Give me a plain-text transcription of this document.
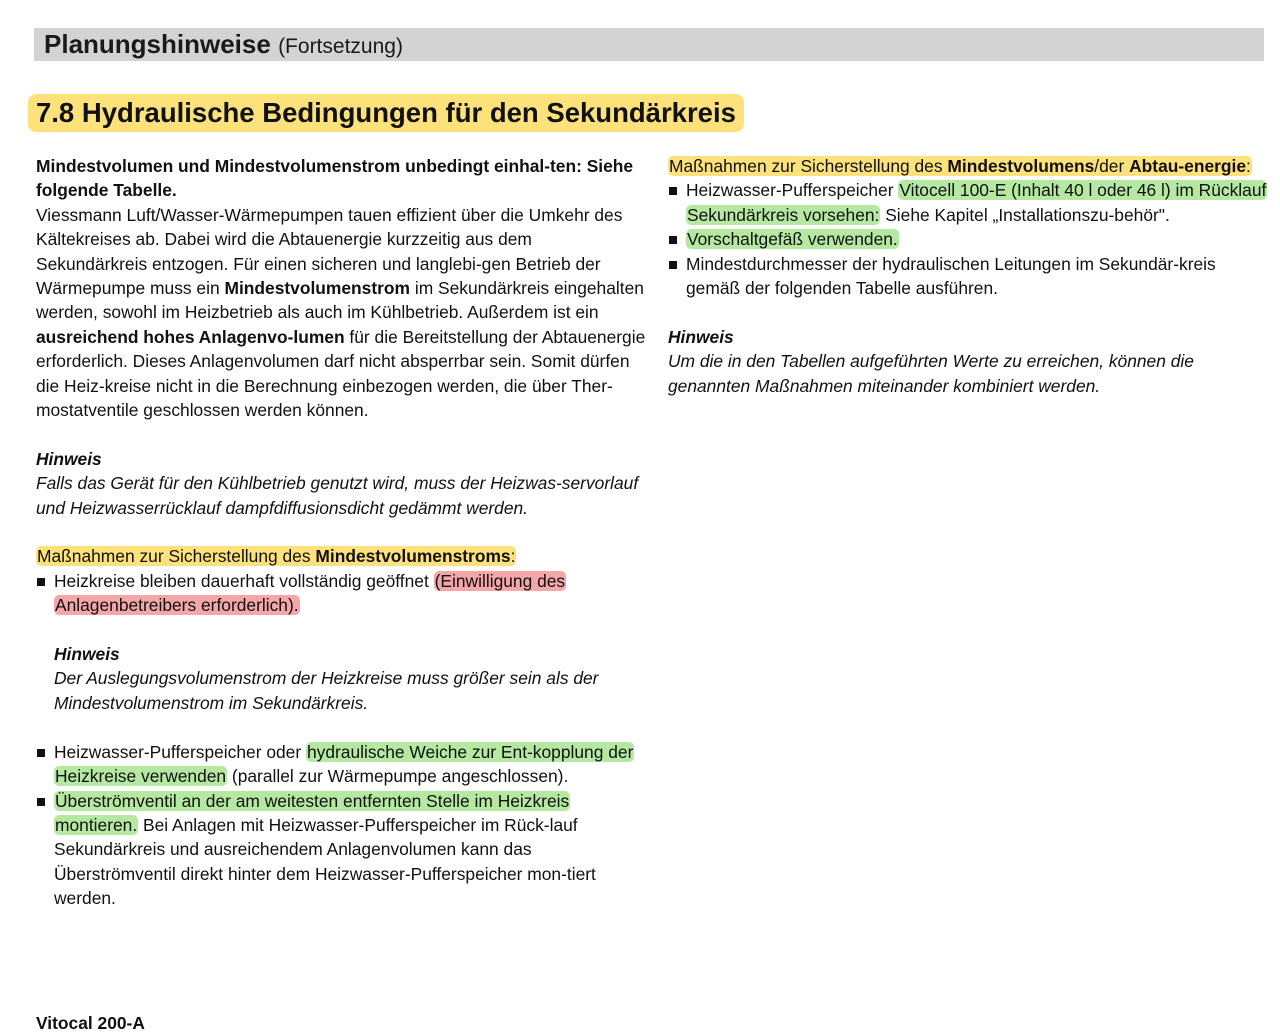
Planungshinweise (Fortsetzung)
7.8 Hydraulische Bedingungen für den Sekundärkreis

Mindestvolumen und Mindestvolumenstrom unbedingt einhal-ten: Siehe folgende Tabelle.

Viessmann Luft/Wasser-Wärmepumpen tauen effizient über die Umkehr des Kältekreises ab. Dabei wird die Abtauenergie kurzzeitig aus dem Sekundärkreis entzogen. Für einen sicheren und langlebi-gen Betrieb der Wärmepumpe muss ein Mindestvolumenstrom im Sekundärkreis eingehalten werden, sowohl im Heizbetrieb als auch im Kühlbetrieb. Außerdem ist ein ausreichend hohes Anlagenvo-lumen für die Bereitstellung der Abtauenergie erforderlich. Dieses Anlagenvolumen darf nicht absperrbar sein. Somit dürfen die Heiz-kreise nicht in die Berechnung einbezogen werden, die über Ther-mostatventile geschlossen werden können.

Hinweis

Falls das Gerät für den Kühlbetrieb genutzt wird, muss der Heizwas-servorlauf und Heizwasserrücklauf dampfdiffusionsdicht gedämmt werden.

Maßnahmen zur Sicherstellung des Mindestvolumenstroms:

Heizkreise bleiben dauerhaft vollständig geöffnet (Einwilligung des Anlagenbetreibers erforderlich).

Hinweis

Der Auslegungsvolumenstrom der Heizkreise muss größer sein als der Mindestvolumenstrom im Sekundärkreis.

Heizwasser-Pufferspeicher oder hydraulische Weiche zur Ent-kopplung der Heizkreise verwenden (parallel zur Wärmepumpe angeschlossen).
Überströmventil an der am weitesten entfernten Stelle im Heizkreis montieren. Bei Anlagen mit Heizwasser-Pufferspeicher im Rück-lauf Sekundärkreis und ausreichendem Anlagenvolumen kann das Überströmventil direkt hinter dem Heizwasser-Pufferspeicher mon-tiert werden.

Maßnahmen zur Sicherstellung des Mindestvolumens/der Abtau-energie:

Heizwasser-Pufferspeicher Vitocell 100-E (Inhalt 40 l oder 46 l) im Rücklauf Sekundärkreis vorsehen: Siehe Kapitel „Installationszu-behör".
Vorschaltgefäß verwenden.
Mindestdurchmesser der hydraulischen Leitungen im Sekundär-kreis gemäß der folgenden Tabelle ausführen.

Hinweis

Um die in den Tabellen aufgeführten Werte zu erreichen, können die genannten Maßnahmen miteinander kombiniert werden.

Vitocal 200-A
